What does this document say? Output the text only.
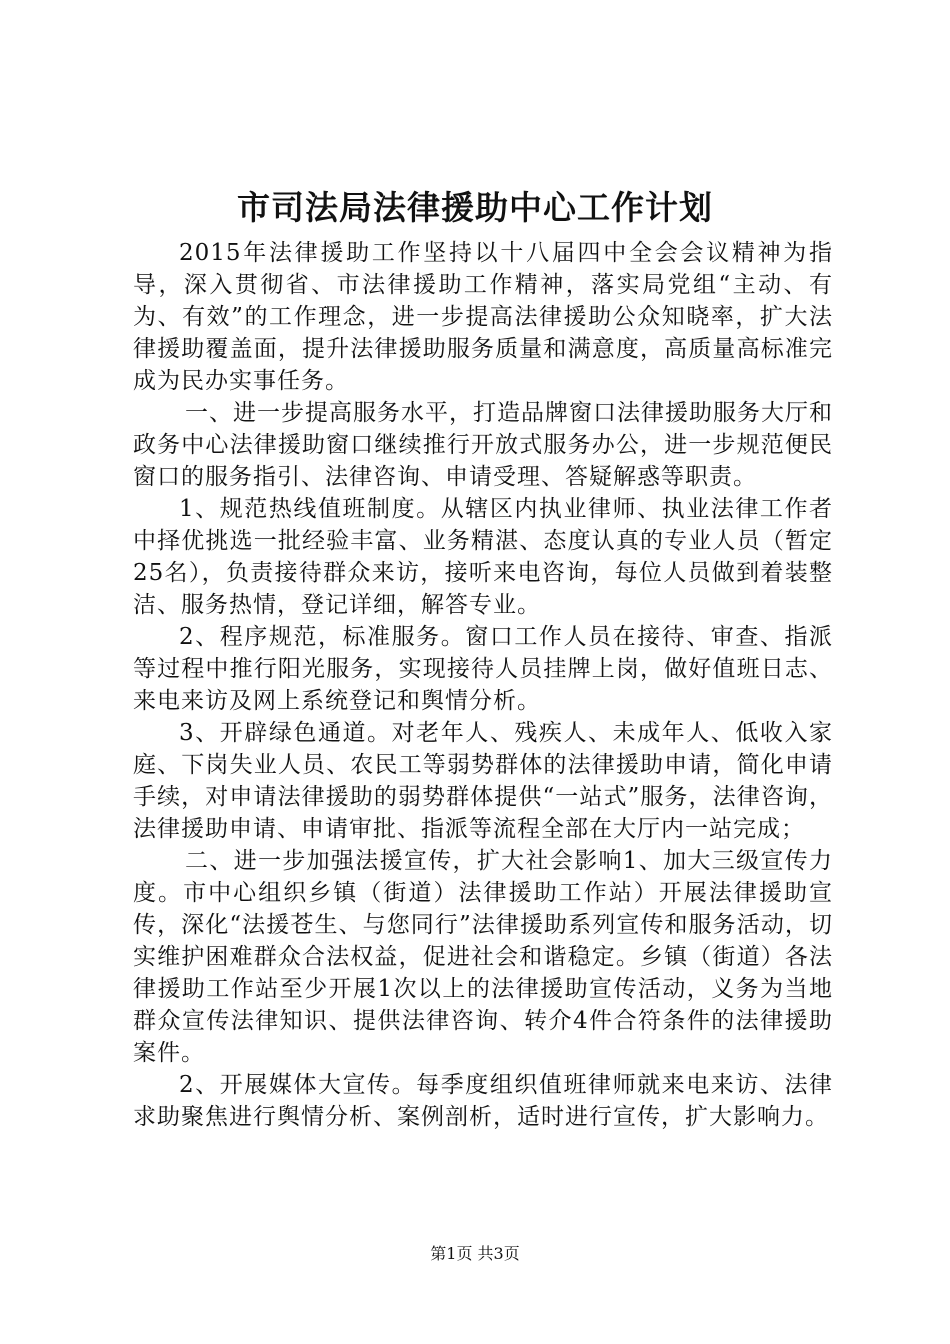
市司法局法律援助中心工作计划

2015年法律援助工作坚持以十八届四中全会会议精神为指导，深入贯彻省、市法律援助工作精神，落实局党组“主动、有为、有效”的工作理念，进一步提高法律援助公众知晓率，扩大法律援助覆盖面，提升法律援助服务质量和满意度，高质量高标准完成为民办实事任务。

一、进一步提高服务水平，打造品牌窗口法律援助服务大厅和政务中心法律援助窗口继续推行开放式服务办公，进一步规范便民窗口的服务指引、法律咨询、申请受理、答疑解惑等职责。

1、规范热线值班制度。从辖区内执业律师、执业法律工作者中择优挑选一批经验丰富、业务精湛、态度认真的专业人员（暂定25名），负责接待群众来访，接听来电咨询，每位人员做到着装整洁、服务热情，登记详细，解答专业。

2、程序规范，标准服务。窗口工作人员在接待、审查、指派等过程中推行阳光服务，实现接待人员挂牌上岗，做好值班日志、来电来访及网上系统登记和舆情分析。

3、开辟绿色通道。对老年人、残疾人、未成年人、低收入家庭、下岗失业人员、农民工等弱势群体的法律援助申请，简化申请手续，对申请法律援助的弱势群体提供“一站式”服务，法律咨询，法律援助申请、申请审批、指派等流程全部在大厅内一站完成；

二、进一步加强法援宣传，扩大社会影响1、加大三级宣传力度。市中心组织乡镇（街道）法律援助工作站）开展法律援助宣传，深化“法援苍生、与您同行”法律援助系列宣传和服务活动，切实维护困难群众合法权益，促进社会和谐稳定。乡镇（街道）各法律援助工作站至少开展1次以上的法律援助宣传活动，义务为当地群众宣传法律知识、提供法律咨询、转介4件合符条件的法律援助案件。

2、开展媒体大宣传。每季度组织值班律师就来电来访、法律求助聚焦进行舆情分析、案例剖析，适时进行宣传，扩大影响力。

第1页 共3页
